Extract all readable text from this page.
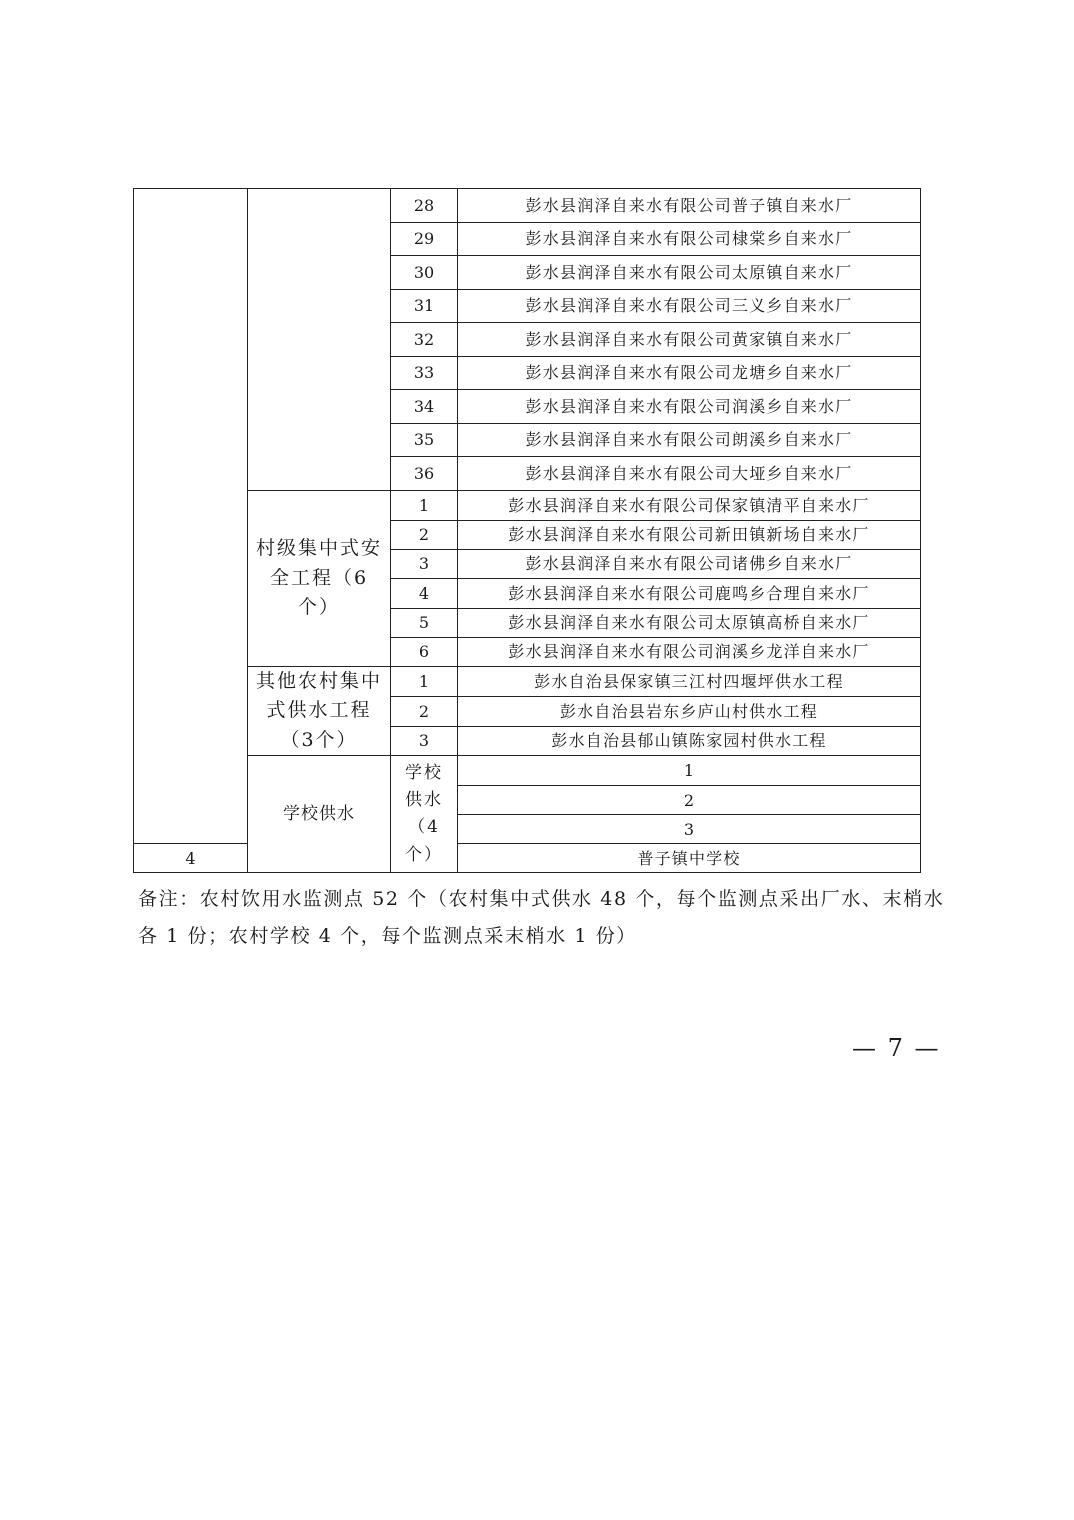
		28	彭水县润泽自来水有限公司普子镇自来水厂	
		29	彭水县润泽自来水有限公司棣棠乡自来水厂	
		30	彭水县润泽自来水有限公司太原镇自来水厂	
		31	彭水县润泽自来水有限公司三义乡自来水厂	
		32	彭水县润泽自来水有限公司黄家镇自来水厂	
		33	彭水县润泽自来水有限公司龙塘乡自来水厂	
		34	彭水县润泽自来水有限公司润溪乡自来水厂	
		35	彭水县润泽自来水有限公司朗溪乡自来水厂	
		36	彭水县润泽自来水有限公司大垭乡自来水厂	
	村级集中式安全工程（6个）	1	彭水县润泽自来水有限公司保家镇清平自来水厂	
		2	彭水县润泽自来水有限公司新田镇新场自来水厂	
		3	彭水县润泽自来水有限公司诸佛乡自来水厂	
		4	彭水县润泽自来水有限公司鹿鸣乡合理自来水厂	
		5	彭水县润泽自来水有限公司太原镇高桥自来水厂	
		6	彭水县润泽自来水有限公司润溪乡龙洋自来水厂	
	其他农村集中式供水工程（3个）	1	彭水自治县保家镇三江村四堰坪供水工程	
		2	彭水自治县岩东乡庐山村供水工程	
		3	彭水自治县郁山镇陈家园村供水工程	
	学校供水	学校供水（4个）	1	
			2	
			3	
4			普子镇中学校	

备注：农村饮用水监测点 52 个（农村集中式供水 48 个，每个监测点采出厂水、末梢水各 1 份；农村学校 4 个，每个监测点采末梢水 1 份）

— 7 —
